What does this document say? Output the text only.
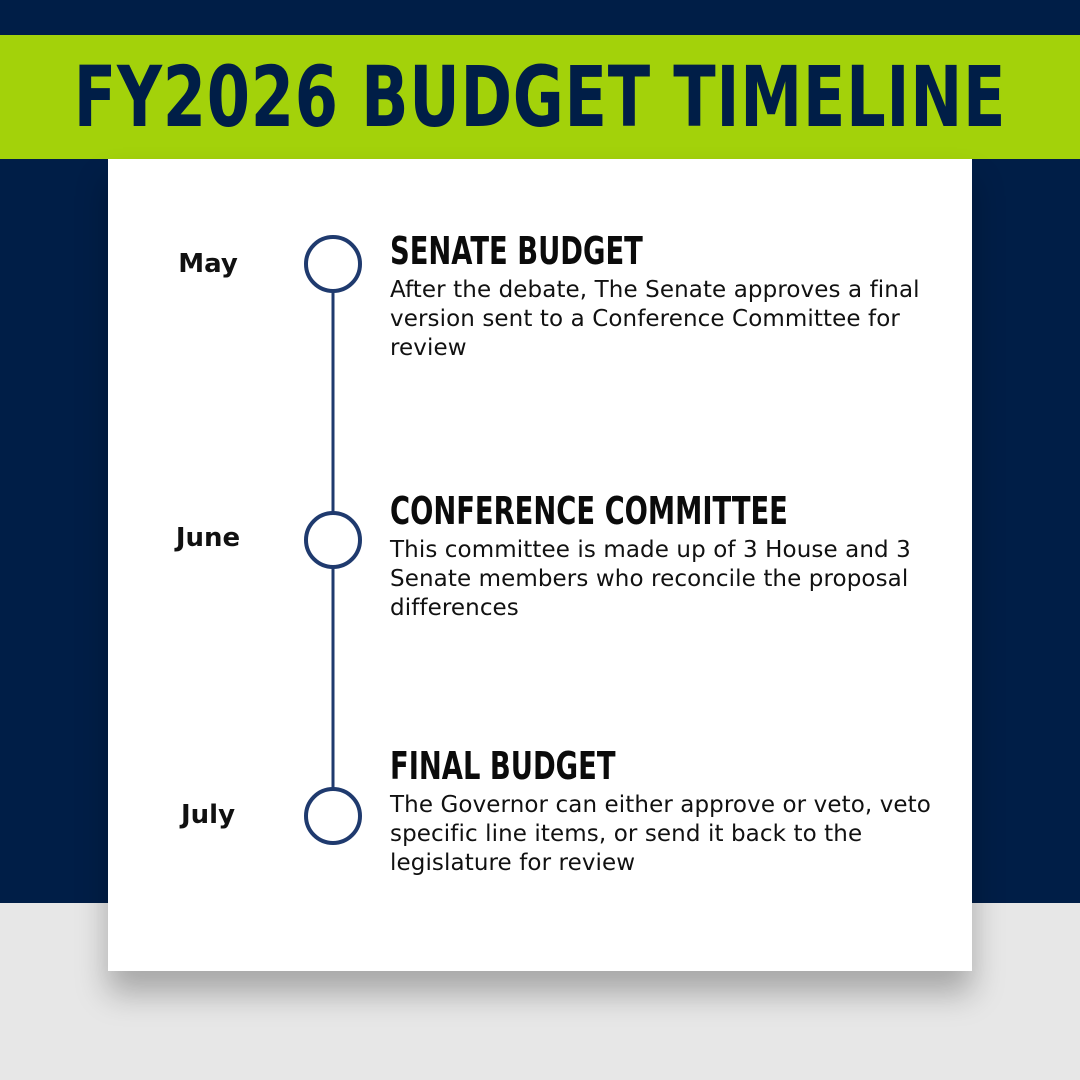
FY2026 BUDGET TIMELINE
May	SENATE BUDGET
After the debate, The Senate approves a final version sent to a Conference Committee for review
June
CONFERENCE COMMITTEE
This committee is made up of 3 House and 3 Senate members who reconcile the proposal differences
July
FINAL BUDGET
The Governor can either approve or veto, veto specific line items, or send it back to the legislature for review
